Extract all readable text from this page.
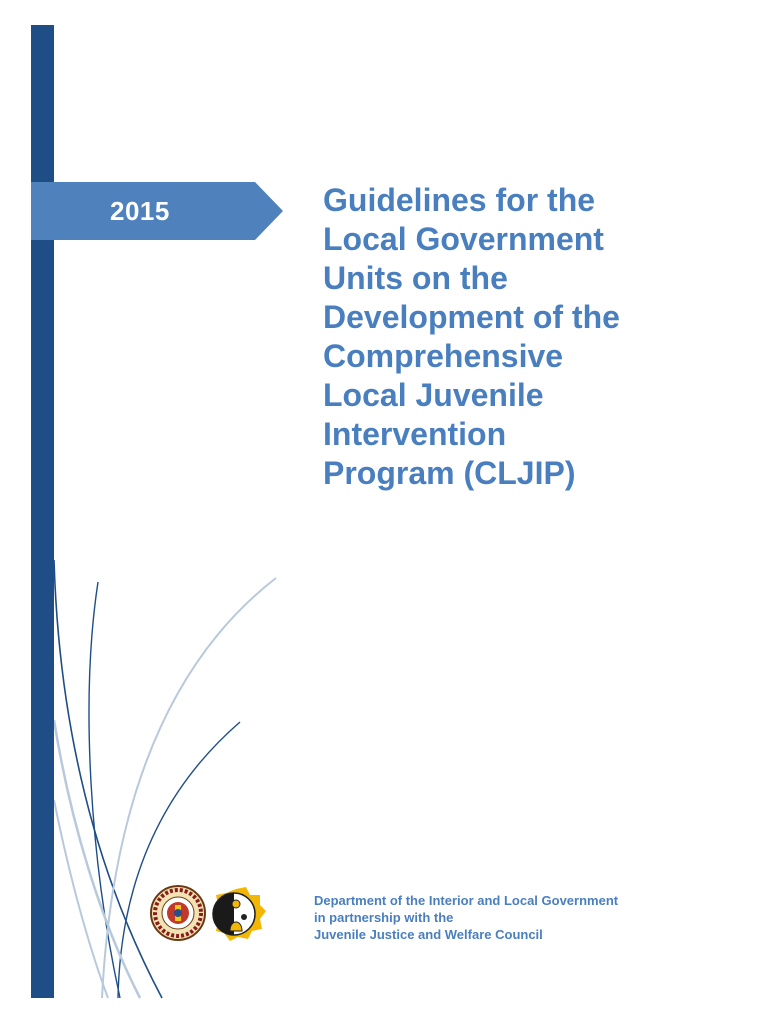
2015	Guidelines for the
Local Government
Units on the
Development of the
Comprehensive
Local Juvenile
Intervention
Program (CLJIP)
Department of the Interior and Local Government
in partnership with the
Juvenile Justice and Welfare Council
